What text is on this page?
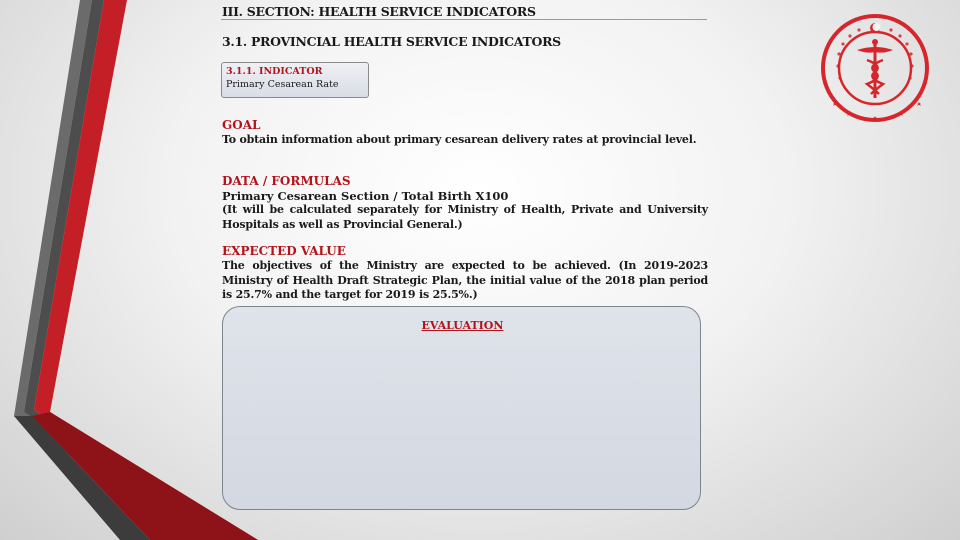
III. SECTION: HEALTH SERVICE INDICATORS
3.1. PROVINCIAL HEALTH SERVICE INDICATORS
3.1.1. INDICATOR
Primary Cesarean Rate
GOAL
To obtain information about primary cesarean delivery rates at provincial level.
DATA / FORMULAS
Primary Cesarean Section / Total Birth X100
(It will be calculated separately for Ministry of Health, Private and University Hospitals as well as Provincial General.)
EXPECTED VALUE
The objectives of the Ministry are expected to be achieved. (In 2019-2023 Ministry of Health Draft Strategic Plan, the initial value of the 2018 plan period is 25.7% and the target for 2019 is 25.5%.)
EVALUATION
